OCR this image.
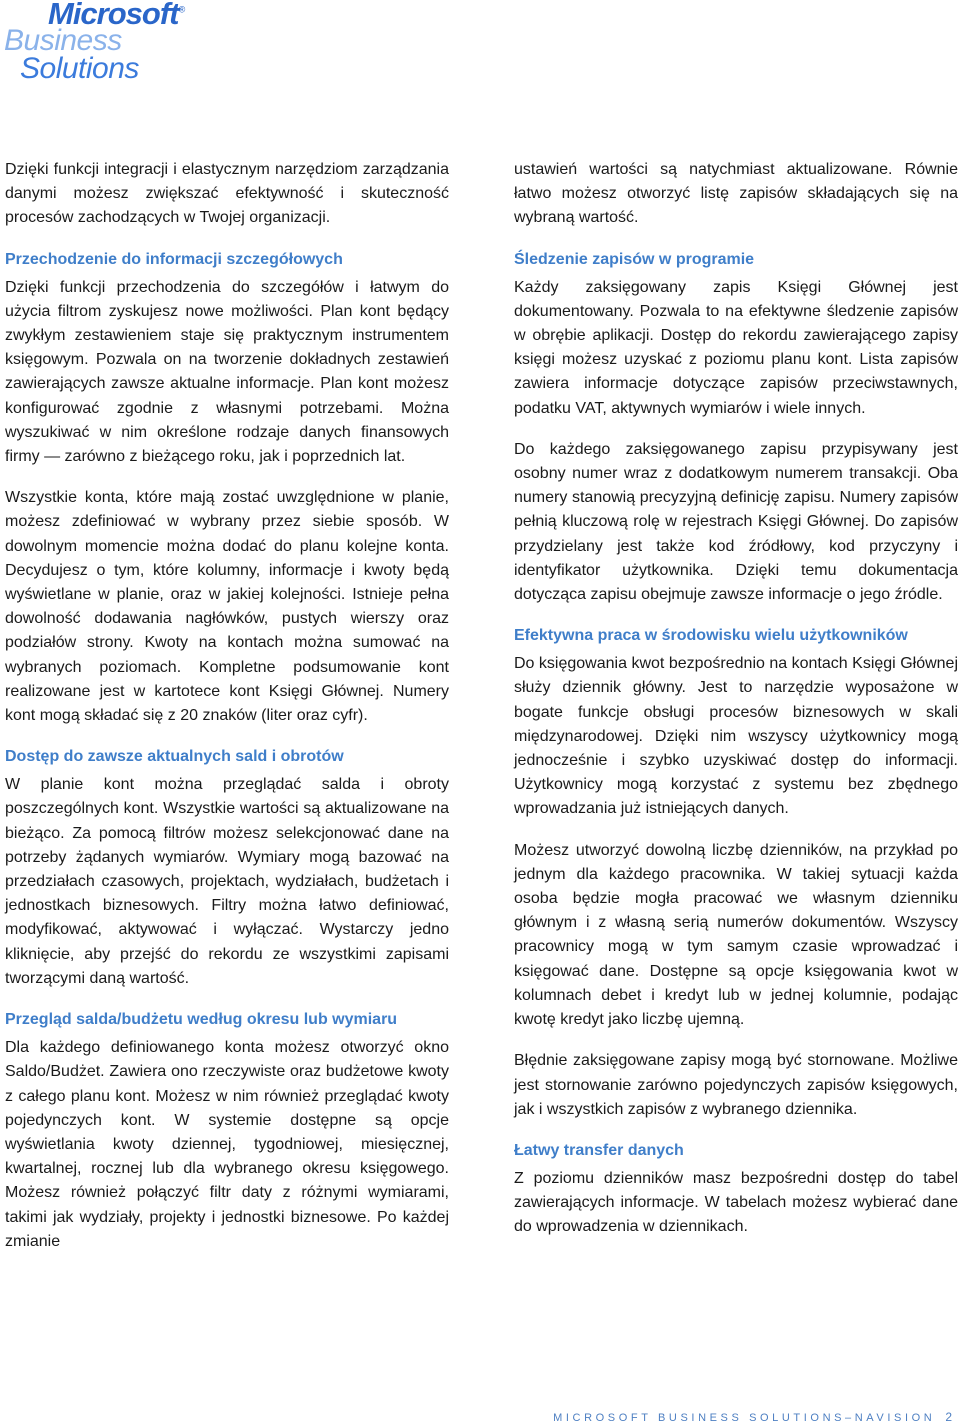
Microsoft®
Business
Solutions

Dzięki funkcji integracji i elastycznym narzędziom zarządzania danymi możesz zwiększać efektywność i skuteczność procesów zachodzących w Twojej organizacji.

Przechodzenie do informacji szczegółowych

Dzięki funkcji przechodzenia do szczegółów i łatwym do użycia filtrom zyskujesz nowe możliwości. Plan kont będący zwykłym zestawieniem staje się praktycznym instrumentem księgowym. Pozwala on na tworzenie dokładnych zestawień zawierających zawsze aktualne informacje. Plan kont możesz konfigurować zgodnie z własnymi potrzebami. Można wyszukiwać w nim określone rodzaje danych finansowych firmy — zarówno z bieżącego roku, jak i poprzednich lat.

Wszystkie konta, które mają zostać uwzględnione w planie, możesz zdefiniować w wybrany przez siebie sposób. W dowolnym momencie można dodać do planu kolejne konta. Decydujesz o tym, które kolumny, informacje i kwoty będą wyświetlane w planie, oraz w jakiej kolejności. Istnieje pełna dowolność dodawania nagłówków, pustych wierszy oraz podziałów strony. Kwoty na kontach można sumować na wybranych poziomach. Kompletne podsumowanie kont realizowane jest w kartotece kont Księgi Głównej. Numery kont mogą składać się z 20 znaków (liter oraz cyfr).

Dostęp do zawsze aktualnych sald i obrotów

W planie kont można przeglądać salda i obroty poszczególnych kont. Wszystkie wartości są aktualizowane na bieżąco. Za pomocą filtrów możesz selekcjonować dane na potrzeby żądanych wymiarów. Wymiary mogą bazować na przedziałach czasowych, projektach, wydziałach, budżetach i jednostkach biznesowych. Filtry można łatwo definiować, modyfikować, aktywować i wyłączać. Wystarczy jedno kliknięcie, aby przejść do rekordu ze wszystkimi zapisami tworzącymi daną wartość.

Przegląd salda/budżetu według okresu lub wymiaru

Dla każdego definiowanego konta możesz otworzyć okno Saldo/Budżet. Zawiera ono rzeczywiste oraz budżetowe kwoty z całego planu kont. Możesz w nim również przeglądać kwoty pojedynczych kont. W systemie dostępne są opcje wyświetlania kwoty dziennej, tygodniowej, miesięcznej, kwartalnej, rocznej lub dla wybranego okresu księgowego. Możesz również połączyć filtr daty z różnymi wymiarami, takimi jak wydziały, projekty i jednostki biznesowe. Po każdej zmianie

ustawień wartości są natychmiast aktualizowane. Równie łatwo możesz otworzyć listę zapisów składających się na wybraną wartość.

Śledzenie zapisów w programie

Każdy zaksięgowany zapis Księgi Głównej jest dokumentowany. Pozwala to na efektywne śledzenie zapisów w obrębie aplikacji. Dostęp do rekordu zawierającego zapisy księgi możesz uzyskać z poziomu planu kont. Lista zapisów zawiera informacje dotyczące zapisów przeciwstawnych, podatku VAT, aktywnych wymiarów i wiele innych.

Do każdego zaksięgowanego zapisu przypisywany jest osobny numer wraz z dodatkowym numerem transakcji. Oba numery stanowią precyzyjną definicję zapisu. Numery zapisów pełnią kluczową rolę w rejestrach Księgi Głównej. Do zapisów przydzielany jest także kod źródłowy, kod przyczyny i identyfikator użytkownika. Dzięki temu dokumentacja dotycząca zapisu obejmuje zawsze informacje o jego źródle.

Efektywna praca w środowisku wielu użytkowników

Do księgowania kwot bezpośrednio na kontach Księgi Głównej służy dziennik główny. Jest to narzędzie wyposażone w bogate funkcje obsługi procesów biznesowych w skali międzynarodowej. Dzięki nim wszyscy użytkownicy mogą jednocześnie i szybko uzyskiwać dostęp do informacji. Użytkownicy mogą korzystać z systemu bez zbędnego wprowadzania już istniejących danych.

Możesz utworzyć dowolną liczbę dzienników, na przykład po jednym dla każdego pracownika. W takiej sytuacji każda osoba będzie mogła pracować we własnym dzienniku głównym i z własną serią numerów dokumentów. Wszyscy pracownicy mogą w tym samym czasie wprowadzać i księgować dane. Dostępne są opcje księgowania kwot w kolumnach debet i kredyt lub w jednej kolumnie, podając kwotę kredyt jako liczbę ujemną.

Błędnie zaksięgowane zapisy mogą być stornowane. Możliwe jest stornowanie zarówno pojedynczych zapisów księgowych, jak i wszystkich zapisów z wybranego dziennika.

Łatwy transfer danych

Z poziomu dzienników masz bezpośredni dostęp do tabel zawierających informacje. W tabelach możesz wybierać dane do wprowadzenia w dziennikach.

MICROSOFT BUSINESS SOLUTIONS–NAVISION 2
